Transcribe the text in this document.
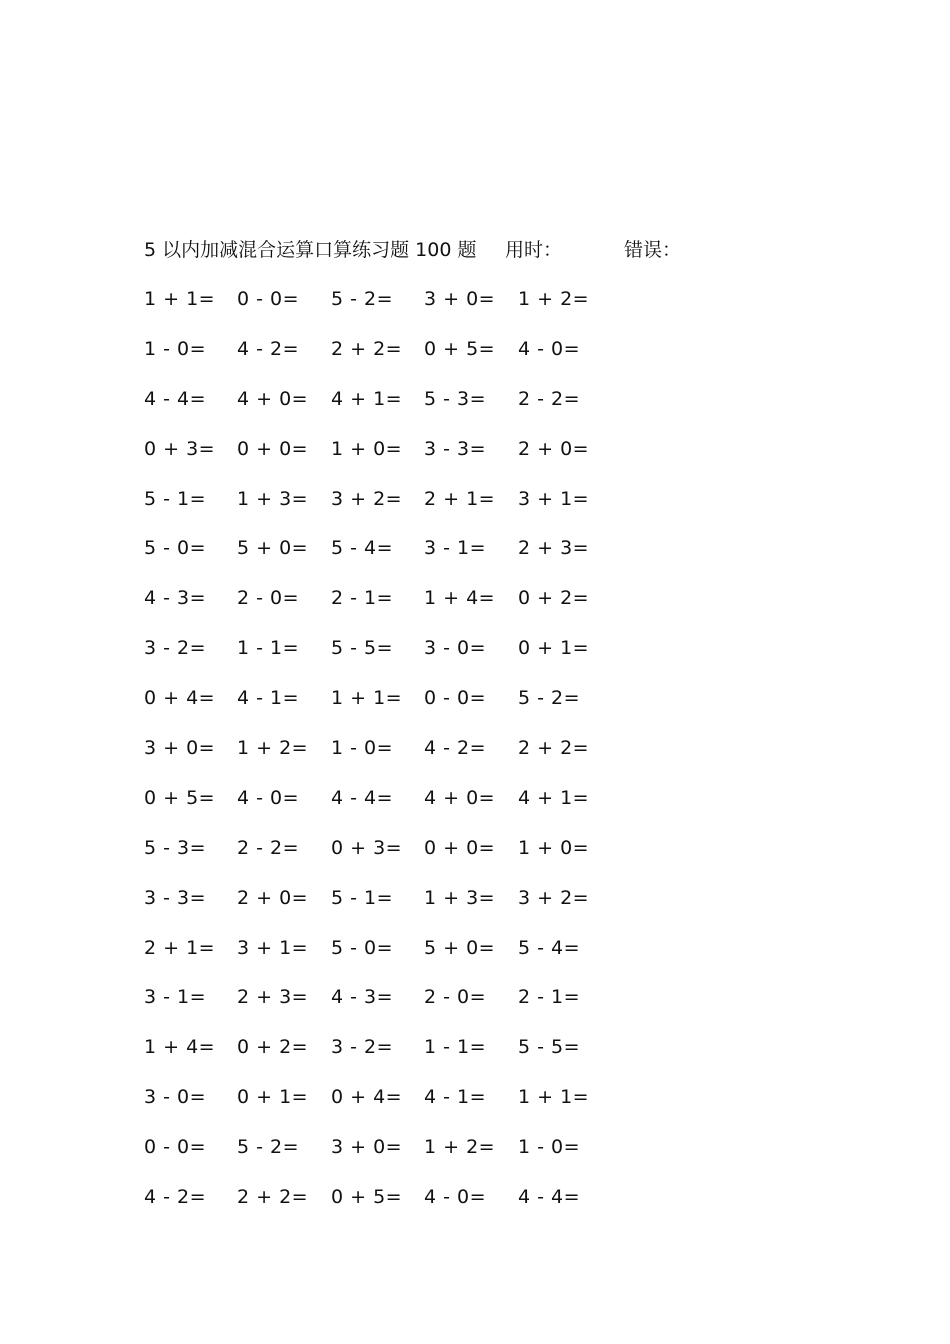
5 以内加减混合运算口算练习题 100 题 用时：	错误：
1 + 1= 0 - 0= 5 - 2= 3 + 0= 1 + 2=
1 - 0= 4 - 2= 2 + 2= 0 + 5= 4 - 0=
4 - 4= 4 + 0= 4 + 1= 5 - 3= 2 - 2=
0 + 3= 0 + 0= 1 + 0= 3 - 3= 2 + 0=
5 - 1= 1 + 3= 3 + 2= 2 + 1= 3 + 1=
5 - 0= 5 + 0= 5 - 4= 3 - 1= 2 + 3=
4 - 3= 2 - 0= 2 - 1= 1 + 4= 0 + 2=
3 - 2= 1 - 1= 5 - 5= 3 - 0= 0 + 1=
0 + 4= 4 - 1= 1 + 1= 0 - 0= 5 - 2=
3 + 0= 1 + 2= 1 - 0= 4 - 2= 2 + 2=
0 + 5= 4 - 0= 4 - 4= 4 + 0= 4 + 1=
5 - 3= 2 - 2= 0 + 3= 0 + 0= 1 + 0=
3 - 3= 2 + 0= 5 - 1= 1 + 3= 3 + 2=
2 + 1= 3 + 1= 5 - 0= 5 + 0= 5 - 4=
3 - 1= 2 + 3= 4 - 3= 2 - 0= 2 - 1=
1 + 4= 0 + 2= 3 - 2= 1 - 1= 5 - 5=
3 - 0= 0 + 1= 0 + 4= 4 - 1= 1 + 1=
0 - 0= 5 - 2= 3 + 0= 1 + 2= 1 - 0=
4 - 2= 2 + 2= 0 + 5= 4 - 0= 4 - 4=
